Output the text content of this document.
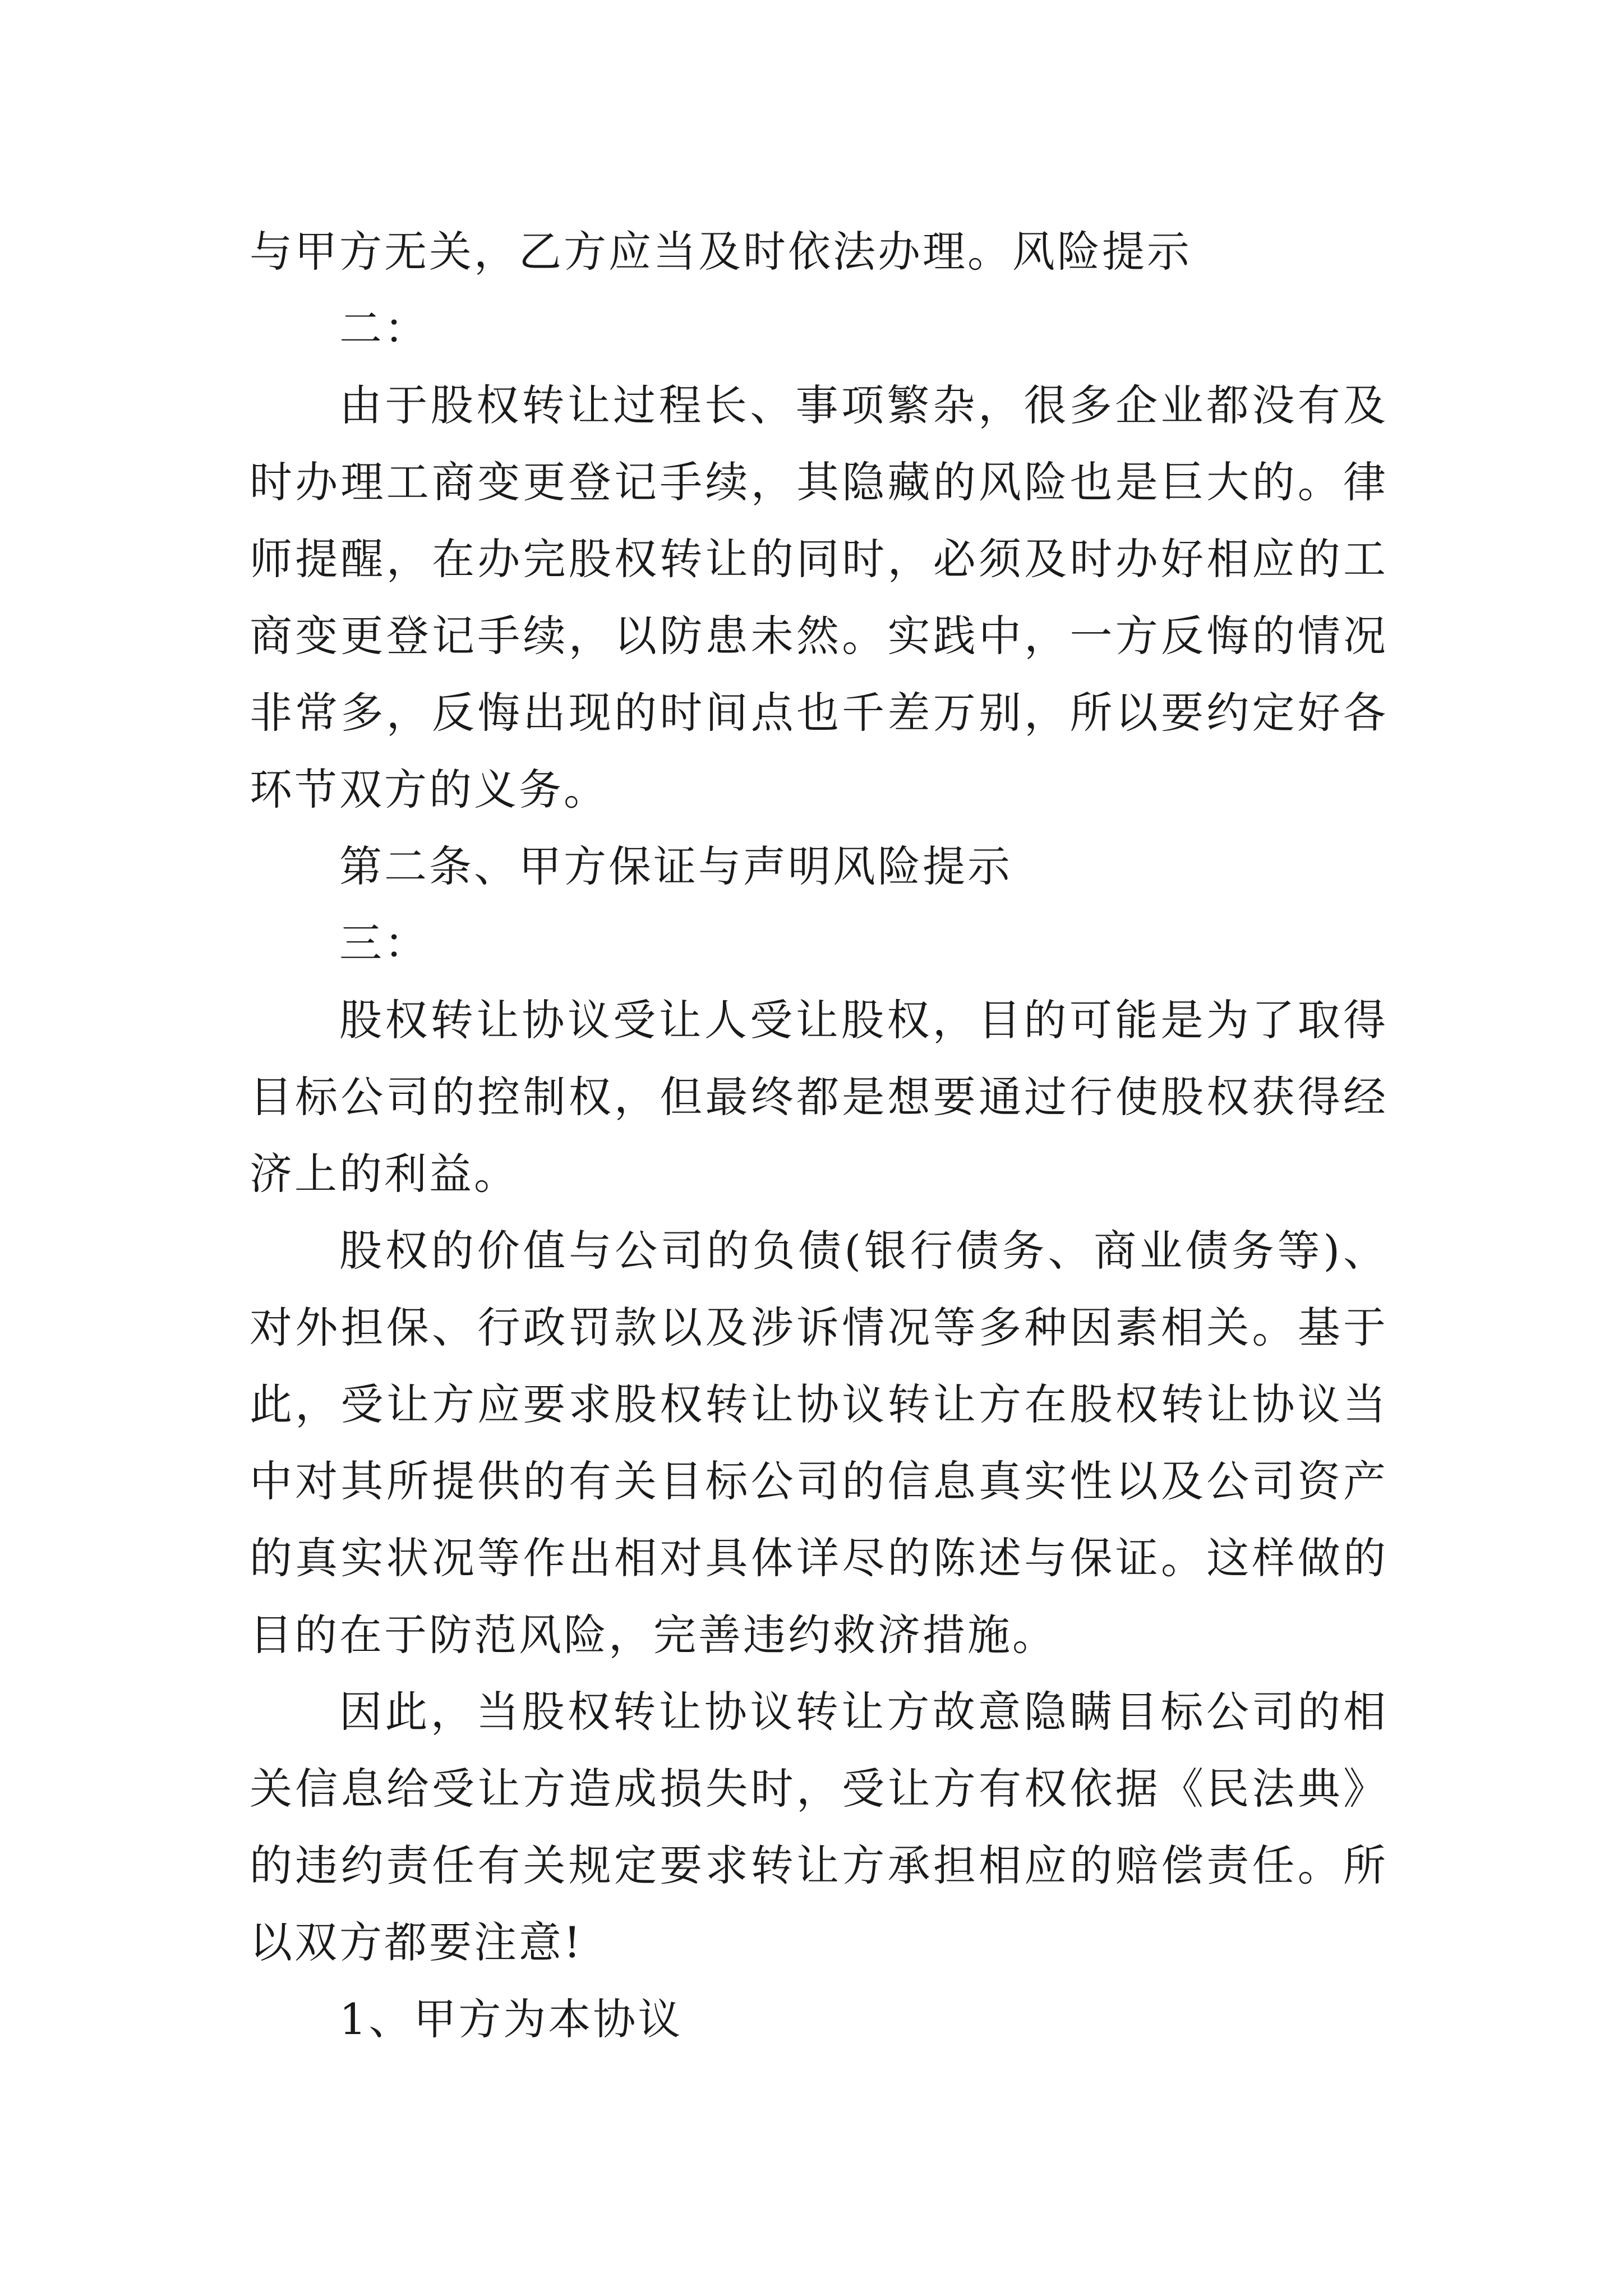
与甲方无关，乙方应当及时依法办理。风险提示

二：

由于股权转让过程长、事项繁杂，很多企业都没有及时办理工商变更登记手续，其隐藏的风险也是巨大的。律师提醒，在办完股权转让的同时，必须及时办好相应的工商变更登记手续，以防患未然。实践中，一方反悔的情况非常多，反悔出现的时间点也千差万别，所以要约定好各环节双方的义务。

第二条、甲方保证与声明风险提示

三：

股权转让协议受让人受让股权，目的可能是为了取得目标公司的控制权，但最终都是想要通过行使股权获得经济上的利益。

股权的价值与公司的负债(银行债务、商业债务等)、对外担保、行政罚款以及涉诉情况等多种因素相关。基于此，受让方应要求股权转让协议转让方在股权转让协议当中对其所提供的有关目标公司的信息真实性以及公司资产的真实状况等作出相对具体详尽的陈述与保证。这样做的目的在于防范风险，完善违约救济措施。

因此，当股权转让协议转让方故意隐瞒目标公司的相关信息给受让方造成损失时，受让方有权依据《民法典》的违约责任有关规定要求转让方承担相应的赔偿责任。所以双方都要注意!

1、甲方为本协议
